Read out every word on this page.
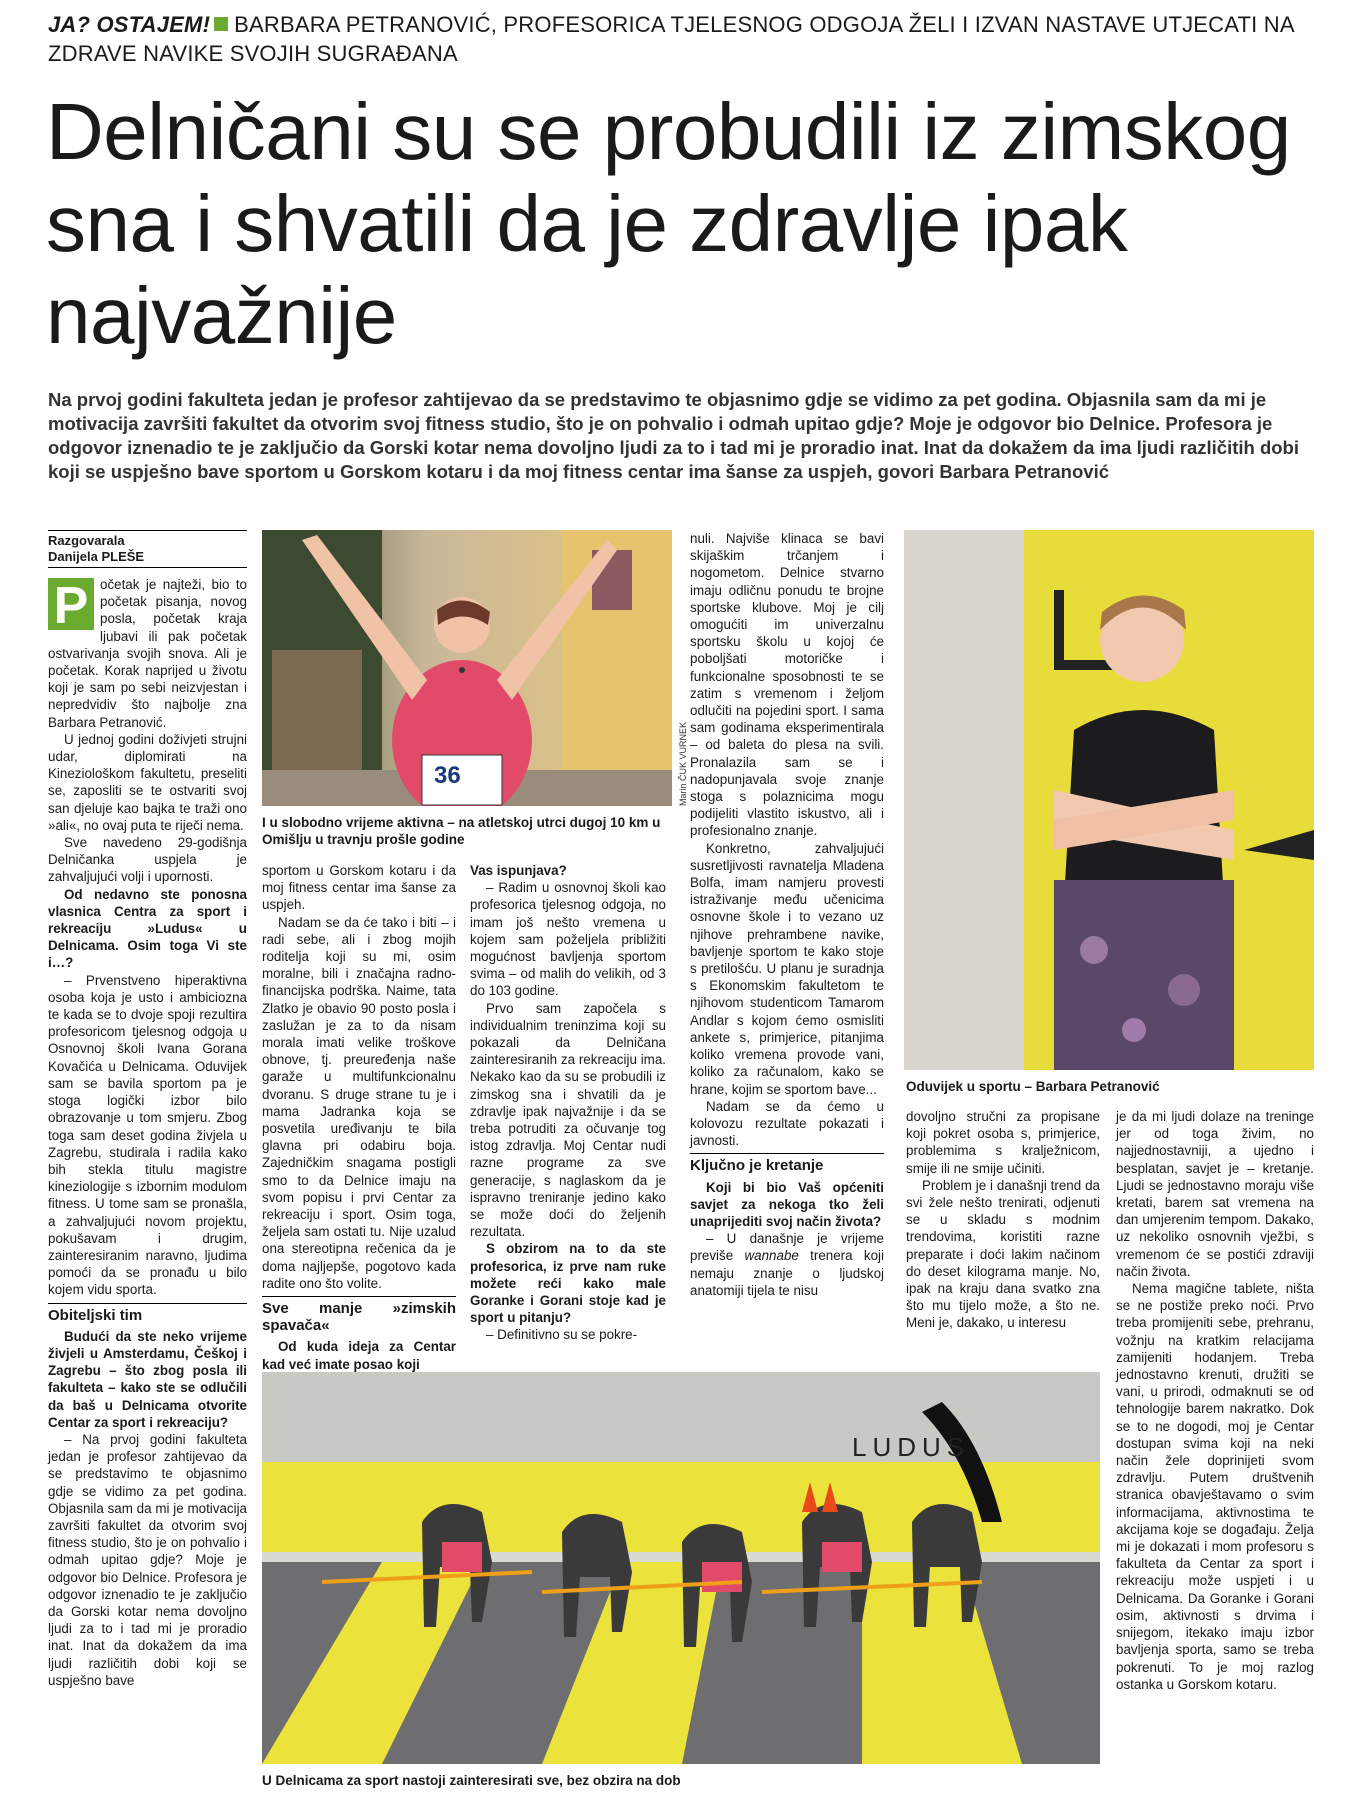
JA? OSTAJEM! BARBARA PETRANOVIĆ, PROFESORICA TJELESNOG ODGOJA ŽELI I IZVAN NASTAVE UTJECATI NA ZDRAVE NAVIKE SVOJIH SUGRAĐANA
Delničani su se probudili iz zimskog sna i shvatili da je zdravlje ipak najvažnije

Na prvoj godini fakulteta jedan je profesor zahtijevao da se predstavimo te objasnimo gdje se vidimo za pet godina. Objasnila sam da mi je motivacija završiti fakultet da otvorim svoj fitness studio, što je on pohvalio i odmah upitao gdje? Moje je odgovor bio Delnice. Profesora je odgovor iznenadio te je zaključio da Gorski kotar nema dovoljno ljudi za to i tad mi je proradio inat. Inat da dokažem da ima ljudi različitih dobi koji se uspješno bave sportom u Gorskom kotaru i da moj fitness centar ima šanse za uspjeh, govori Barbara Petranović

Razgovarala
Danijela PLEŠE
P očetak je najteži, bio to početak pisanja, novog posla, početak kraja ljubavi ili pak početak ostvarivanja svojih snova. Ali je početak. Korak naprijed u životu koji je sam po sebi neizvjestan i nepredvidiv što najbolje zna Barbara Petranović.

U jednoj godini doživjeti strujni udar, diplomirati na Kineziološkom fakultetu, preseliti se, zaposliti se te ostvariti svoj san djeluje kao bajka te traži ono »ali«, no ovaj puta te riječi nema.

Sve navedeno 29-godišnja Delničanka uspjela je zahvaljujući volji i upornosti.

Od nedavno ste ponosna vlasnica Centra za sport i rekreaciju »Ludus« u Delnicama. Osim toga Vi ste i…?

– Prvenstveno hiperaktivna osoba koja je usto i ambiciozna te kada se to dvoje spoji rezultira profesoricom tjelesnog odgoja u Osnovnoj školi Ivana Gorana Kovačića u Delnicama. Oduvijek sam se bavila sportom pa je stoga logički izbor bilo obrazovanje u tom smjeru. Zbog toga sam deset godina živjela u Zagrebu, studirala i radila kako bih stekla titulu magistre kineziologije s izbornim modulom fitness. U tome sam se pronašla, a zahvaljujući novom projektu, pokušavam i drugim, zainteresiranim naravno, ljudima pomoći da se pronađu u bilo kojem vidu sporta.

Obiteljski tim

Budući da ste neko vrijeme živjeli u Amsterdamu, Češkoj i Zagrebu – što zbog posla ili fakulteta – kako ste se odlučili da baš u Delnicama otvorite Centar za sport i rekreaciju?

– Na prvoj godini fakulteta jedan je profesor zahtijevao da se predstavimo te objasnimo gdje se vidimo za pet godina. Objasnila sam da mi je motivacija završiti fakultet da otvorim svoj fitness studio, što je on pohvalio i odmah upitao gdje? Moje je odgovor bio Delnice. Profesora je odgovor iznenadio te je zaključio da Gorski kotar nema dovoljno ljudi za to i tad mi je proradio inat. Inat da dokažem da ima ljudi različitih dobi koji se uspješno bave

36	Marin ČUK VURNEK
I u slobodno vrijeme aktivna – na atletskoj utrci dugoj 10 km u Omišlju u travnju prošle godine

sportom u Gorskom kotaru i da moj fitness centar ima šanse za uspjeh.

Nadam se da će tako i biti – i radi sebe, ali i zbog mojih roditelja koji su mi, osim moralne, bili i značajna radno-financijska podrška. Naime, tata Zlatko je obavio 90 posto posla i zaslužan je za to da nisam morala imati velike troškove obnove, tj. preuređenja naše garaže u multifunkcionalnu dvoranu. S druge strane tu je i mama Jadranka koja se posvetila uređivanju te bila glavna pri odabiru boja. Zajedničkim snagama postigli smo to da Delnice imaju na svom popisu i prvi Centar za rekreaciju i sport. Osim toga, željela sam ostati tu. Nije uzalud ona stereotipna rečenica da je doma najljepše, pogotovo kada radite ono što volite.

Sve manje »zimskih spavača«

Od kuda ideja za Centar kad već imate posao koji

Vas ispunjava?

– Radim u osnovnoj školi kao profesorica tjelesnog odgoja, no imam još nešto vremena u kojem sam poželjela približiti mogućnost bavljenja sportom svima – od malih do velikih, od 3 do 103 godine.

Prvo sam započela s individualnim treninzima koji su pokazali da Delničana zainteresiranih za rekreaciju ima. Nekako kao da su se probudili iz zimskog sna i shvatili da je zdravlje ipak najvažnije i da se treba potruditi za očuvanje tog istog zdravlja. Moj Centar nudi razne programe za sve generacije, s naglaskom da je ispravno treniranje jedino kako se može doći do željenih rezultata.

S obzirom na to da ste profesorica, iz prve nam ruke možete reći kako male Goranke i Gorani stoje kad je sport u pitanju?

– Definitivno su se pokre-

nuli. Najviše klinaca se bavi skijaškim trčanjem i nogometom. Delnice stvarno imaju odličnu ponudu te brojne sportske klubove. Moj je cilj omogućiti im univerzalnu sportsku školu u kojoj će poboljšati motoričke i funkcionalne sposobnosti te se zatim s vremenom i željom odlučiti na pojedini sport. I sama sam godinama eksperimentirala – od baleta do plesa na svili. Pronalazila sam se i nadopunjavala svoje znanje stoga s polaznicima mogu podijeliti vlastito iskustvo, ali i profesionalno znanje.

Konkretno, zahvaljujući susretljivosti ravnatelja Mladena Bolfa, imam namjeru provesti istraživanje među učenicima osnovne škole i to vezano uz njihove prehrambene navike, bavljenje sportom te kako stoje s pretilošću. U planu je suradnja s Ekonomskim fakultetom te njihovom studenticom Tamarom Andlar s kojom ćemo osmisliti ankete s, primjerice, pitanjima koliko vremena provode vani, koliko za računalom, kako se hrane, kojim se sportom bave...

Nadam se da ćemo u kolovozu rezultate pokazati i javnosti.

Ključno je kretanje

Koji bi bio Vaš općeniti savjet za nekoga tko želi unaprijediti svoj način života?

– U današnje je vrijeme previše wannabe trenera koji nemaju znanje o ljudskoj anatomiji tijela te nisu

Oduvijek u sportu – Barbara Petranović

dovoljno stručni za propisane koji pokret osoba s, primjerice, problemima s kralježnicom, smije ili ne smije učiniti.

Problem je i današnji trend da svi žele nešto trenirati, odjenuti se u skladu s modnim trendovima, koristiti razne preparate i doći lakim načinom do deset kilograma manje. No, ipak na kraju dana svatko zna što mu tijelo može, a što ne. Meni je, dakako, u interesu

je da mi ljudi dolaze na treninge jer od toga živim, no najjednostavniji, a ujedno i besplatan, savjet je – kretanje. Ljudi se jednostavno moraju više kretati, barem sat vremena na dan umjerenim tempom. Dakako, uz nekoliko osnovnih vježbi, s vremenom će se postići zdraviji način života.

Nema magične tablete, ništa se ne postiže preko noći. Prvo treba promijeniti sebe, prehranu, vožnju na kratkim relacijama zamijeniti hodanjem. Treba jednostavno krenuti, družiti se vani, u prirodi, odmaknuti se od tehnologije barem nakratko. Dok se to ne dogodi, moj je Centar dostupan svima koji na neki način žele doprinijeti svom zdravlju. Putem društvenih stranica obavještavamo o svim informacijama, aktivnostima te akcijama koje se događaju. Želja mi je dokazati i mom profesoru s fakulteta da Centar za sport i rekreaciju može uspjeti i u Delnicama. Da Goranke i Gorani osim, aktivnosti s drvima i snijegom, itekako imaju izbor bavljenja sporta, samo se treba pokrenuti. To je moj razlog ostanka u Gorskom kotaru.

LUDUS
U Delnicama za sport nastoji zainteresirati sve, bez obzira na dob
